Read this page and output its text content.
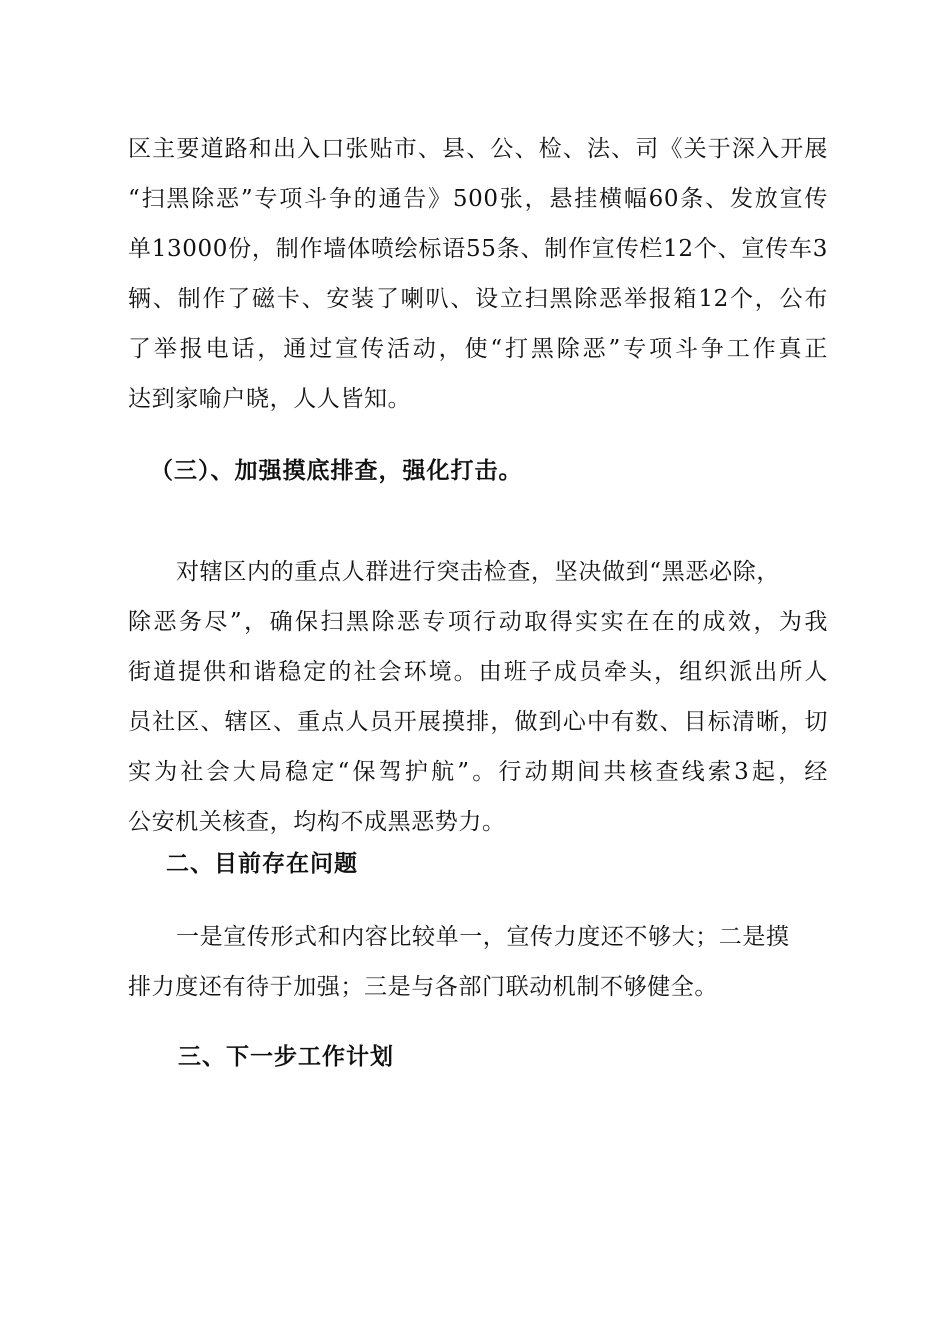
区主要道路和出入口张贴市、县、公、检、法、司《关于深入开展
“扫黑除恶”专项斗争的通告》500张，悬挂横幅60条、发放宣传
单13000份，制作墙体喷绘标语55条、制作宣传栏12个、宣传车3
辆、制作了磁卡、安装了喇叭、设立扫黑除恶举报箱12个，公布
了举报电话，通过宣传活动，使“打黑除恶”专项斗争工作真正
达到家喻户晓，人人皆知。
（三）、加强摸底排查，强化打击。
对辖区内的重点人群进行突击检查，坚决做到“黑恶必除，
除恶务尽”，确保扫黑除恶专项行动取得实实在在的成效，为我
街道提供和谐稳定的社会环境。由班子成员牵头，组织派出所人
员社区、辖区、重点人员开展摸排，做到心中有数、目标清晰，切
实为社会大局稳定“保驾护航”。行动期间共核查线索3起，经
公安机关核查，均构不成黑恶势力。
二、目前存在问题
一是宣传形式和内容比较单一，宣传力度还不够大；二是摸
排力度还有待于加强；三是与各部门联动机制不够健全。
三、下一步工作计划
